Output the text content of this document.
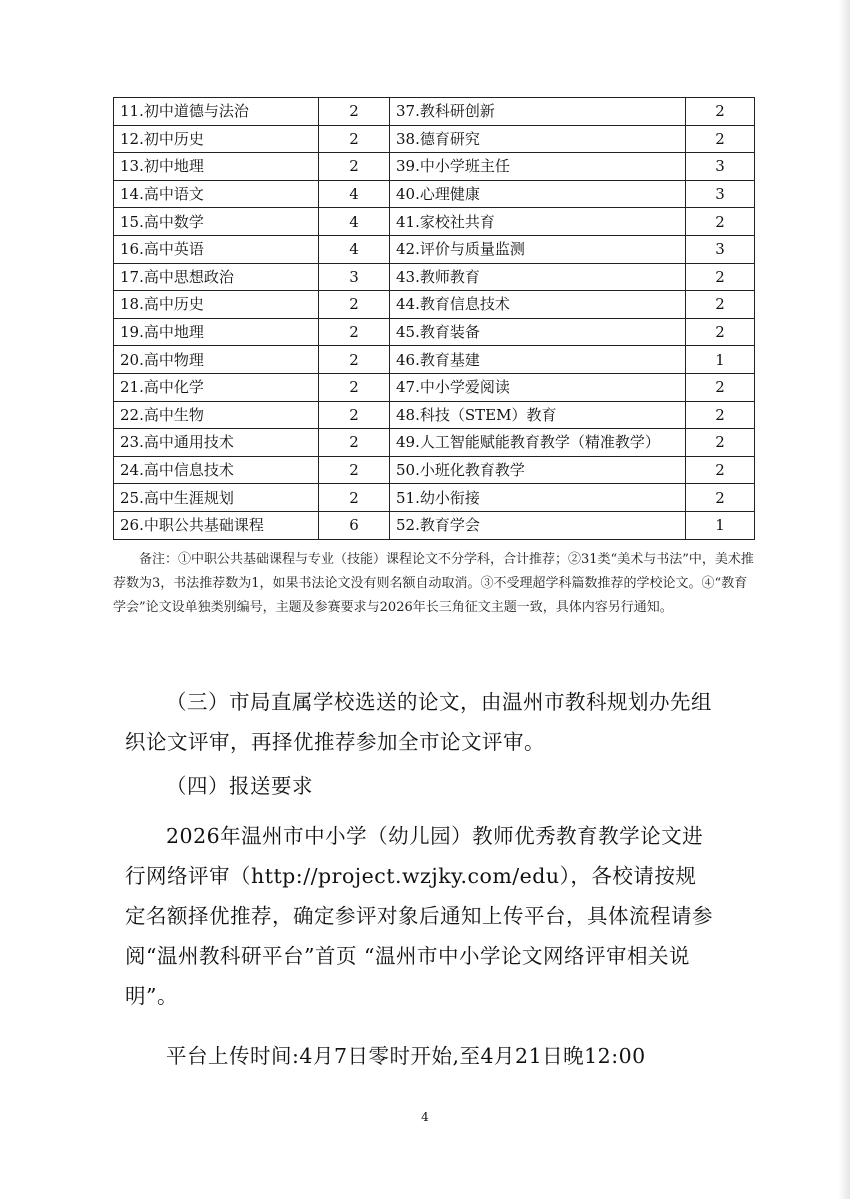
11.初中道德与法治	2	37.教科研创新	2
12.初中历史	2	38.德育研究	2
13.初中地理	2	39.中小学班主任	3
14.高中语文	4	40.心理健康	3
15.高中数学	4	41.家校社共育	2
16.高中英语	4	42.评价与质量监测	3
17.高中思想政治	3	43.教师教育	2
18.高中历史	2	44.教育信息技术	2
19.高中地理	2	45.教育装备	2
20.高中物理	2	46.教育基建	1
21.高中化学	2	47.中小学爱阅读	2
22.高中生物	2	48.科技（STEM）教育	2
23.高中通用技术	2	49.人工智能赋能教育教学（精准教学）	2
24.高中信息技术	2	50.小班化教育教学	2
25.高中生涯规划	2	51.幼小衔接	2
26.中职公共基础课程	6	52.教育学会	1
备注：①中职公共基础课程与专业（技能）课程论文不分学科，合计推荐；②31类“美术与书法”中，美术推荐数为3，书法推荐数为1，如果书法论文没有则名额自动取消。③不受理超学科篇数推荐的学校论文。④“教育学会”论文设单独类别编号，主题及参赛要求与2026年长三角征文主题一致，具体内容另行通知。
（三）市局直属学校选送的论文，由温州市教科规划办先组织论文评审，再择优推荐参加全市论文评审。
（四）报送要求
2026年温州市中小学（幼儿园）教师优秀教育教学论文进行网络评审（http://project.wzjky.com/edu），各校请按规定名额择优推荐，确定参评对象后通知上传平台，具体流程请参阅“温州教科研平台”首页 “温州市中小学论文网络评审相关说明”。
平台上传时间:4月7日零时开始,至4月21日晚12:00
4
